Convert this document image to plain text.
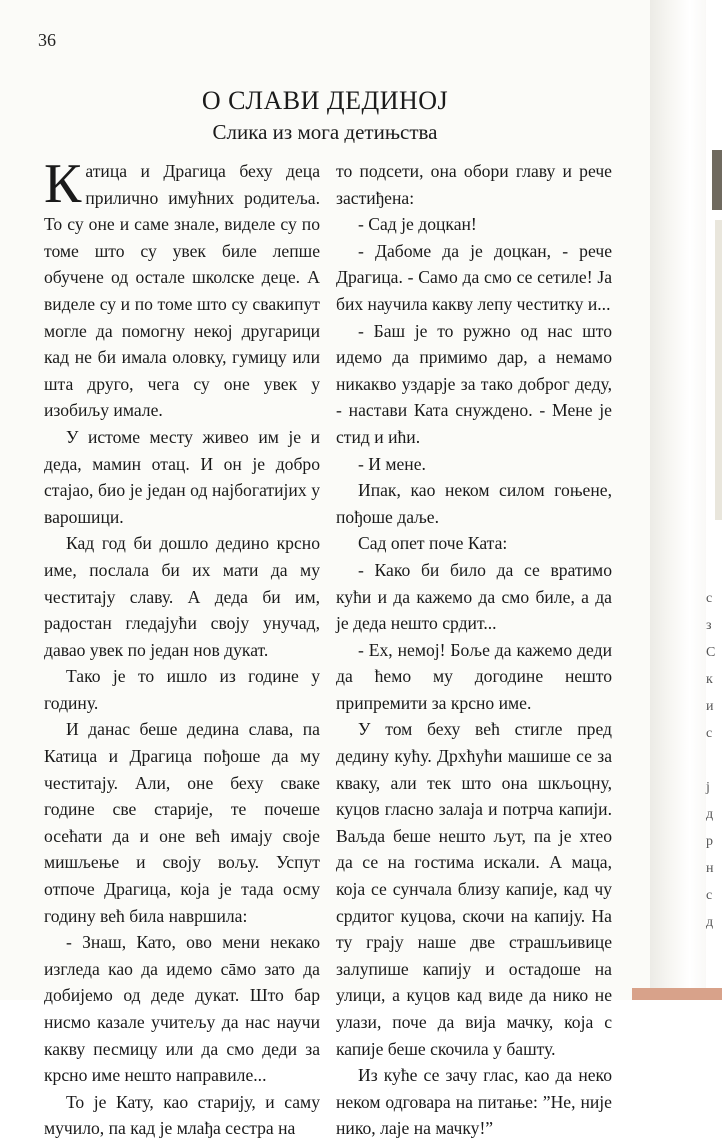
36
О СЛАВИ ДЕДИНОЈ
Слика из мога детињства

Катица и Драгица беху деца прилично имућних родитеља. То су оне и саме знале, виделе су по томе што су увек биле лепше обучене од остале школске деце. А виделе су и по томе што су свакипут могле да помогну некој другарици кад не би имала оловку, гумицу или шта друго, чега су оне увек у изобиљу имале.

У истоме месту живео им је и деда, мамин отац. И он је добро стајао, био је један од најбогатијих у варошици.

Кад год би дошло дедино крсно име, послала би их мати да му честитају славу. А деда би им, радостан гледајући своју унучад, давао увек по један нов дукат.

Тако је то ишло из године у годину.

И данас беше дедина слава, па Катица и Драгица пођоше да му честитају. Али, оне беху сваке године све старије, те почеше осећати да и оне већ имају своје мишљење и своју вољу. Успут отпоче Драгица, која је тада осму годину већ била навршила:

- Знаш, Като, ово мени некако изгледа као да идемо сāмо зато да добијемо од деде дукат. Што бар нисмо казале учитељу да нас научи какву песмицу или да смо деди за крсно име нешто направиле...

То је Кату, као старију, и саму мучило, па кад је млађа сестра на

то подсети, она обори главу и рече застиђена:

- Сад је доцкан!

- Дабоме да је доцкан, - рече Драгица. - Само да смо се сетиле! Ја бих научила какву лепу честитку и...

- Баш је то ружно од нас што идемо да примимо дар, а немамо никакво уздарје за тако доброг деду, - настави Ката снуждено. - Мене је стид и ићи.

- И мене.

Ипак, као неком силом гоњене, пођоше даље.

Сад опет поче Ката:

- Како би било да се вратимо кући и да кажемо да смо биле, а да је деда нешто срдит...

- Ех, немој! Боље да кажемо деди да ћемо му догодине нешто припремити за крсно име.

У том беху већ стигле пред дедину кућу. Дрхћући машише се за кваку, али тек што она шкљоцну, куцов гласно залаја и потрча капији. Ваљда беше нешто љут, па је хтео да се на гостима искали. А маца, која се сунчала близу капије, кад чу срдитог куцова, скочи на капију. На ту грају наше две страшљивице залупише капију и остадоше на улици, а куцов кад виде да нико не улази, поче да вија мачку, која с капије беше скочила у башту.

Из куће се зачу глас, као да неко неком одговара на питање: ”Не, није нико, лаје на мачку!”

с
з
С
к
и
с
ј
д
р
н
с
д
